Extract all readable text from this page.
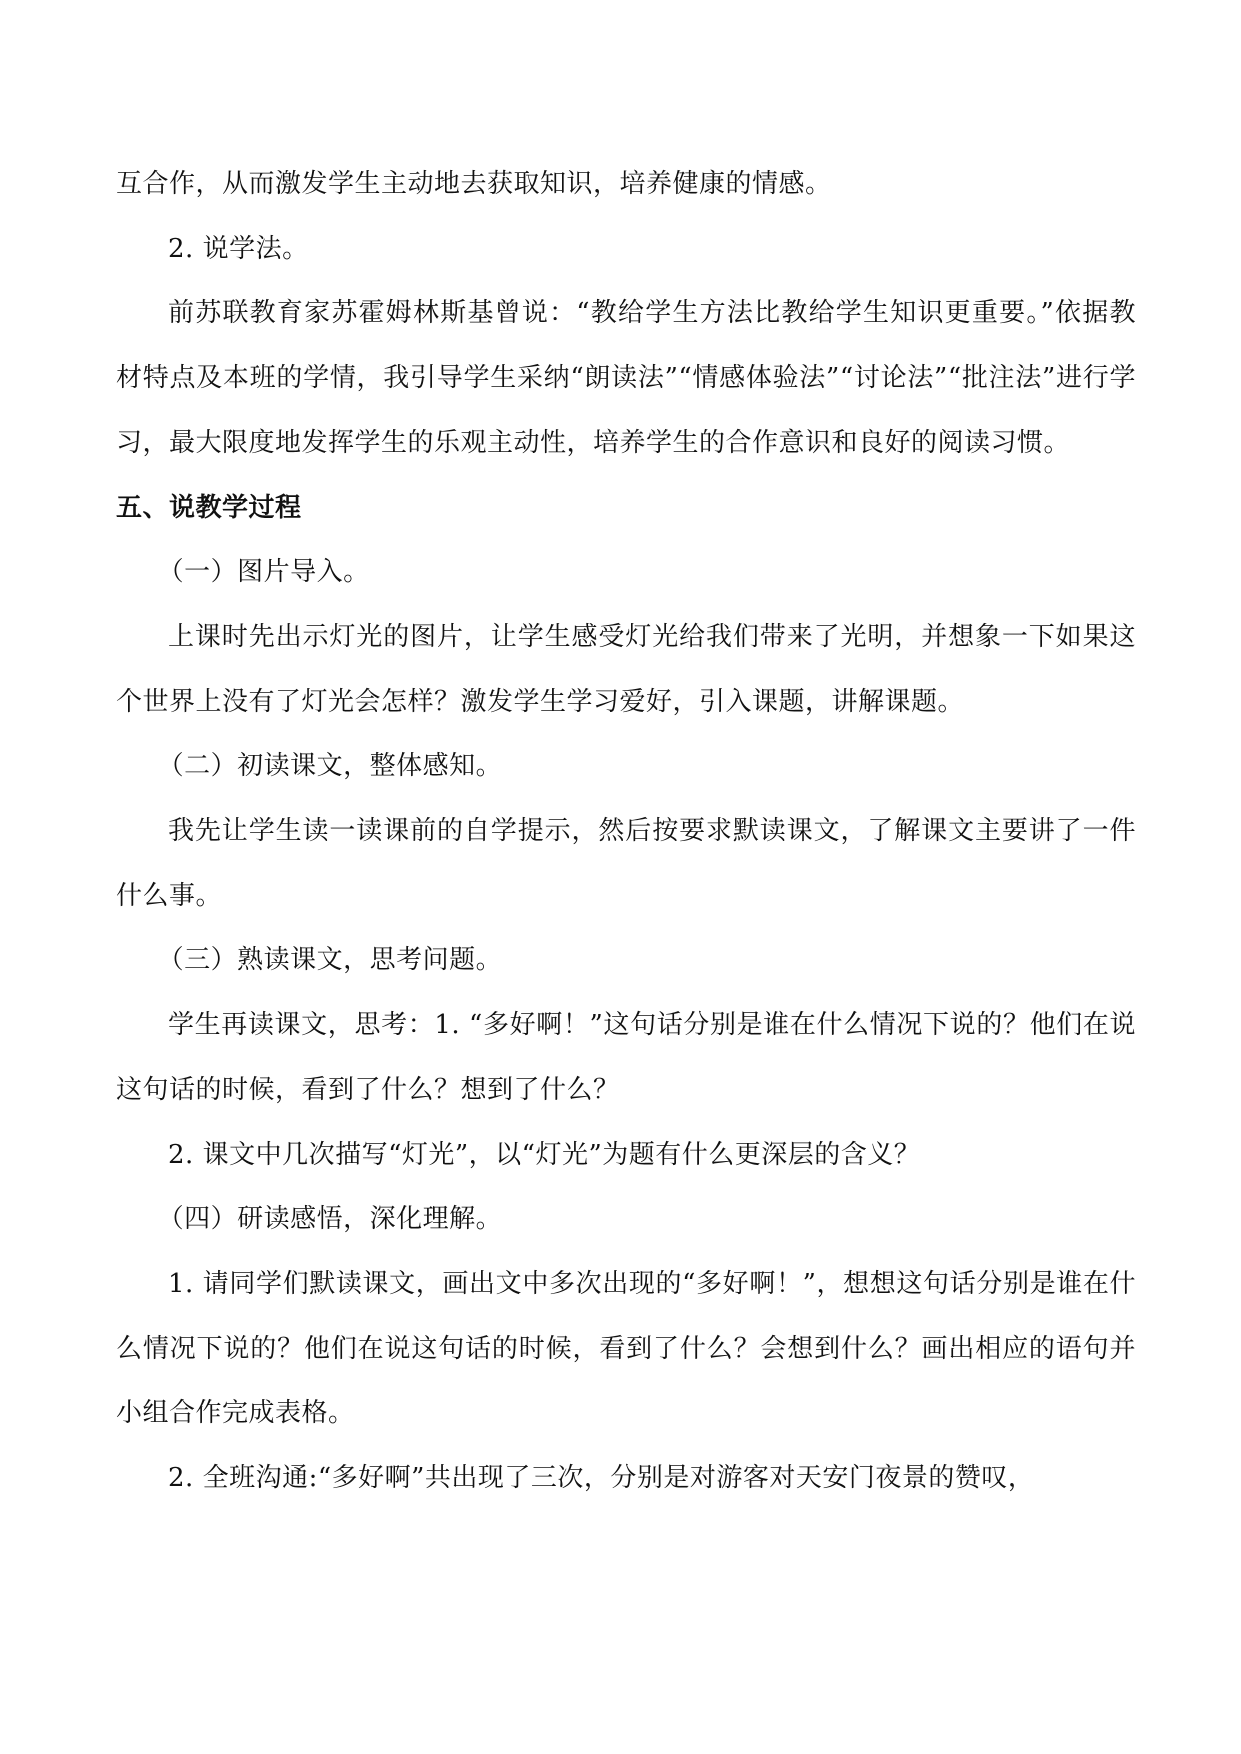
互合作，从而激发学生主动地去获取知识，培养健康的情感。

2. 说学法。

前苏联教育家苏霍姆林斯基曾说：“教给学生方法比教给学生知识更重要。”依据教材特点及本班的学情，我引导学生采纳“朗读法”“情感体验法”“讨论法”“批注法”进行学习，最大限度地发挥学生的乐观主动性，培养学生的合作意识和良好的阅读习惯。

五、说教学过程

（一）图片导入。

上课时先出示灯光的图片，让学生感受灯光给我们带来了光明，并想象一下如果这个世界上没有了灯光会怎样？激发学生学习爱好，引入课题，讲解课题。

（二）初读课文，整体感知。

我先让学生读一读课前的自学提示，然后按要求默读课文，了解课文主要讲了一件什么事。

（三）熟读课文，思考问题。

学生再读课文，思考：1. “多好啊！”这句话分别是谁在什么情况下说的？他们在说这句话的时候，看到了什么？想到了什么？

2. 课文中几次描写“灯光”，以“灯光”为题有什么更深层的含义？

（四）研读感悟，深化理解。

1. 请同学们默读课文，画出文中多次出现的“多好啊！”，想想这句话分别是谁在什么情况下说的？他们在说这句话的时候，看到了什么？会想到什么？画出相应的语句并小组合作完成表格。

2. 全班沟通:“多好啊”共出现了三次，分别是对游客对天安门夜景的赞叹，
